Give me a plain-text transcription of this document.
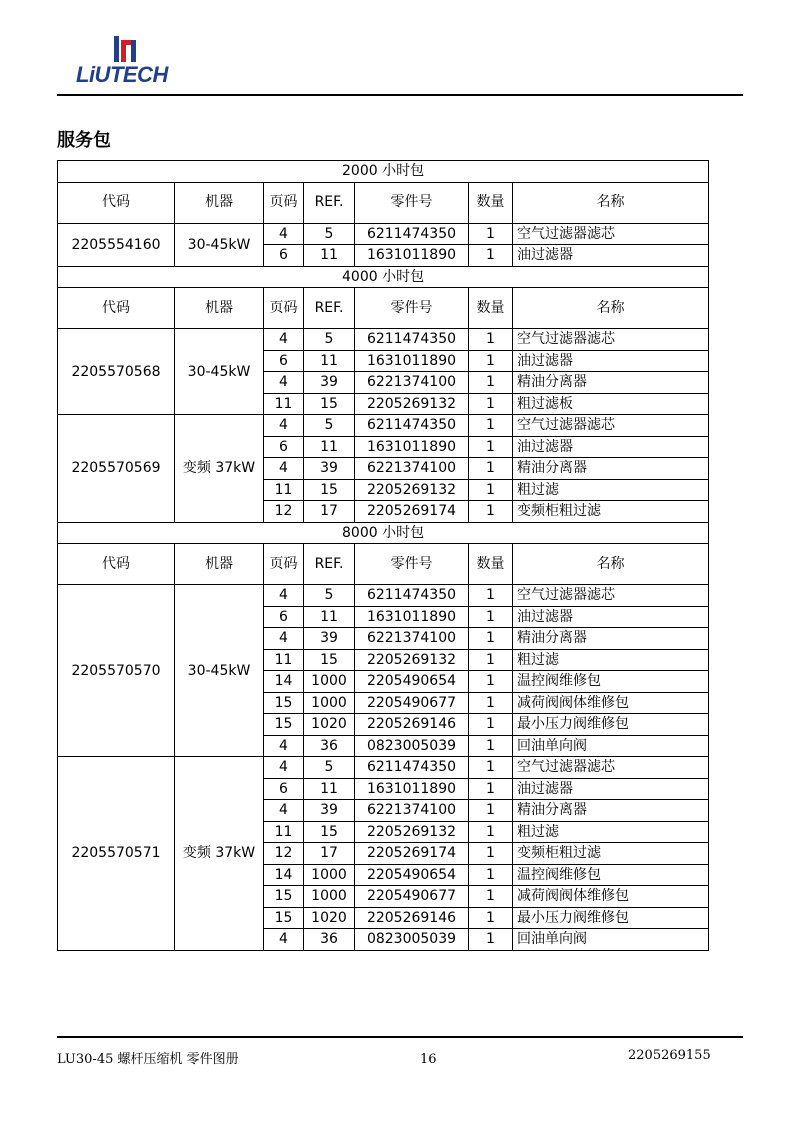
LiUTECH
服务包
2000 小时包						
代码	机器	页码	REF.	零件号	数量	名称
2205554160	30-45kW	4	5	6211474350	1	空气过滤器滤芯
		6	11	1631011890	1	油过滤器
4000 小时包						
代码	机器	页码	REF.	零件号	数量	名称
2205570568	30-45kW	4	5	6211474350	1	空气过滤器滤芯
		6	11	1631011890	1	油过滤器
		4	39	6221374100	1	精油分离器
		11	15	2205269132	1	粗过滤板
2205570569	变频 37kW	4	5	6211474350	1	空气过滤器滤芯
		6	11	1631011890	1	油过滤器
		4	39	6221374100	1	精油分离器
		11	15	2205269132	1	粗过滤
		12	17	2205269174	1	变频柜粗过滤
8000 小时包						
代码	机器	页码	REF.	零件号	数量	名称
2205570570	30-45kW	4	5	6211474350	1	空气过滤器滤芯
		6	11	1631011890	1	油过滤器
		4	39	6221374100	1	精油分离器
		11	15	2205269132	1	粗过滤
		14	1000	2205490654	1	温控阀维修包
		15	1000	2205490677	1	减荷阀阀体维修包
		15	1020	2205269146	1	最小压力阀维修包
		4	36	0823005039	1	回油单向阀
2205570571	变频 37kW	4	5	6211474350	1	空气过滤器滤芯
		6	11	1631011890	1	油过滤器
		4	39	6221374100	1	精油分离器
		11	15	2205269132	1	粗过滤
		12	17	2205269174	1	变频柜粗过滤
		14	1000	2205490654	1	温控阀维修包
		15	1000	2205490677	1	减荷阀阀体维修包
		15	1020	2205269146	1	最小压力阀维修包
		4	36	0823005039	1	回油单向阀
LU30-45 螺杆压缩机 零件图册	16	2205269155
